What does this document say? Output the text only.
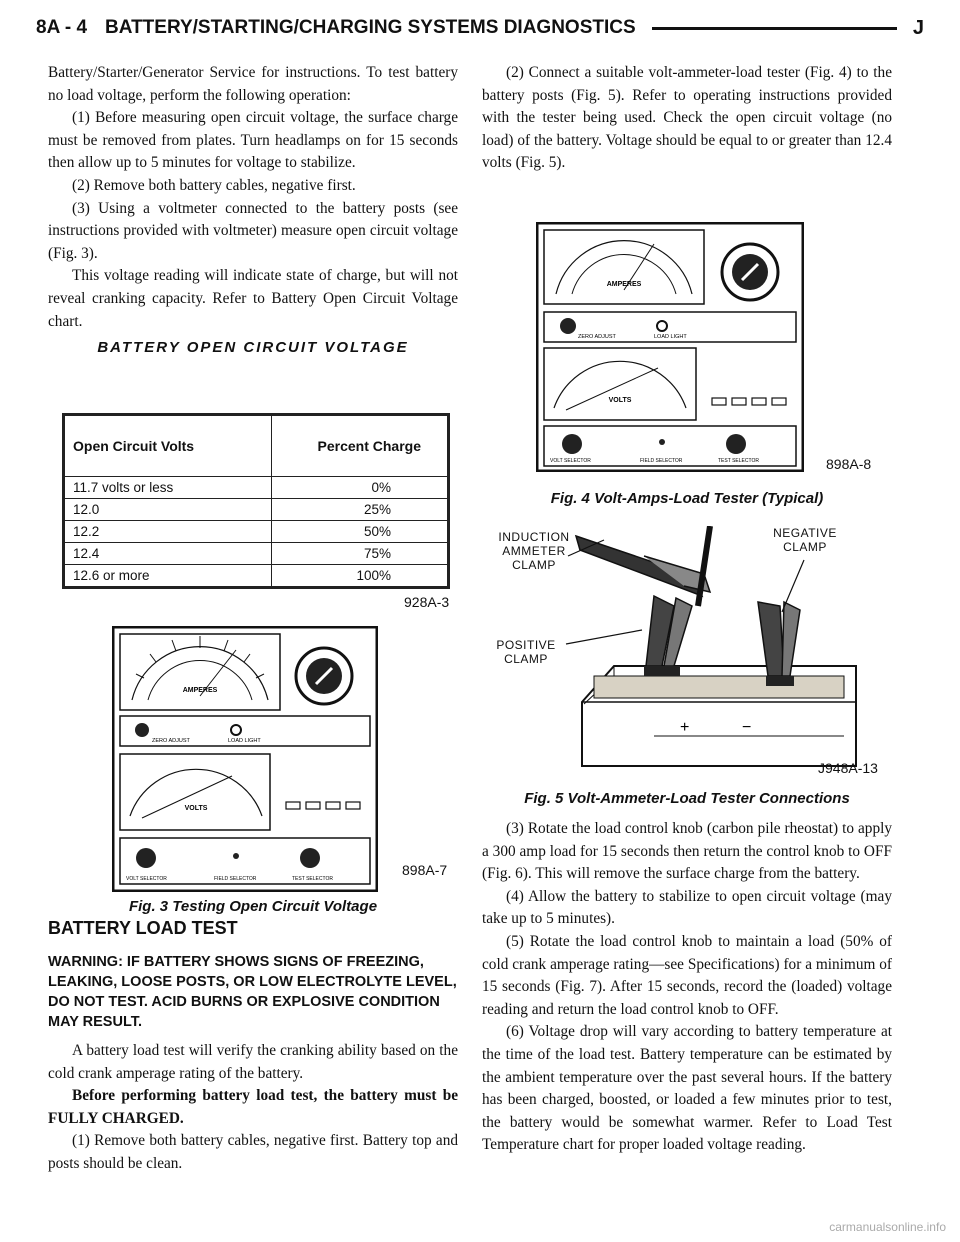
8A - 4 BATTERY/STARTING/CHARGING SYSTEMS DIAGNOSTICS	J

Battery/Starter/Generator Service for instructions. To test battery no load voltage, perform the following operation:

(1) Before measuring open circuit voltage, the surface charge must be removed from plates. Turn headlamps on for 15 seconds then allow up to 5 minutes for voltage to stabilize.

(2) Remove both battery cables, negative first.

(3) Using a voltmeter connected to the battery posts (see instructions provided with voltmeter) measure open circuit voltage (Fig. 3).

This voltage reading will indicate state of charge, but will not reveal cranking capacity. Refer to Battery Open Circuit Voltage chart.

BATTERY OPEN CIRCUIT VOLTAGE
Open Circuit Volts	Percent Charge
11.7 volts or less	0%
12.0	25%
12.2	50%
12.4	75%
12.6 or more	100%
928A-3
AMPERES
ZERO ADJUST	LOAD LIGHT
VOLTS
VOLT SELECTOR	FIELD SELECTOR	TEST SELECTOR
898A-7
Fig. 3 Testing Open Circuit Voltage
BATTERY LOAD TEST
WARNING: IF BATTERY SHOWS SIGNS OF FREEZING, LEAKING, LOOSE POSTS, OR LOW ELECTROLYTE LEVEL, DO NOT TEST. ACID BURNS OR EXPLOSIVE CONDITION MAY RESULT.

A battery load test will verify the cranking ability based on the cold crank amperage rating of the battery.

Before performing battery load test, the battery must be FULLY CHARGED.

(1) Remove both battery cables, negative first. Battery top and posts should be clean.

(2) Connect a suitable volt-ammeter-load tester (Fig. 4) to the battery posts (Fig. 5). Refer to operating instructions provided with the tester being used. Check the open circuit voltage (no load) of the battery. Voltage should be equal to or greater than 12.4 volts (Fig. 5).

AMPERES
ZERO ADJUST	LOAD LIGHT
VOLTS
VOLT SELECTOR	FIELD SELECTOR	TEST SELECTOR	898A-8
Fig. 4 Volt-Amps-Load Tester (Typical)
+	−
INDUCTION AMMETER CLAMP
NEGATIVE CLAMP
POSITIVE CLAMP
J948A-13
Fig. 5 Volt-Ammeter-Load Tester Connections

(3) Rotate the load control knob (carbon pile rheostat) to apply a 300 amp load for 15 seconds then return the control knob to OFF (Fig. 6). This will remove the surface charge from the battery.

(4) Allow the battery to stabilize to open circuit voltage (may take up to 5 minutes).

(5) Rotate the load control knob to maintain a load (50% of cold crank amperage rating—see Specifications) for a minimum of 15 seconds (Fig. 7). After 15 seconds, record the (loaded) voltage reading and return the load control knob to OFF.

(6) Voltage drop will vary according to battery temperature at the time of the load test. Battery temperature can be estimated by the ambient temperature over the past several hours. If the battery has been charged, boosted, or loaded a few minutes prior to test, the battery would be somewhat warmer. Refer to Load Test Temperature chart for proper loaded voltage reading.

carmanualsonline.info
